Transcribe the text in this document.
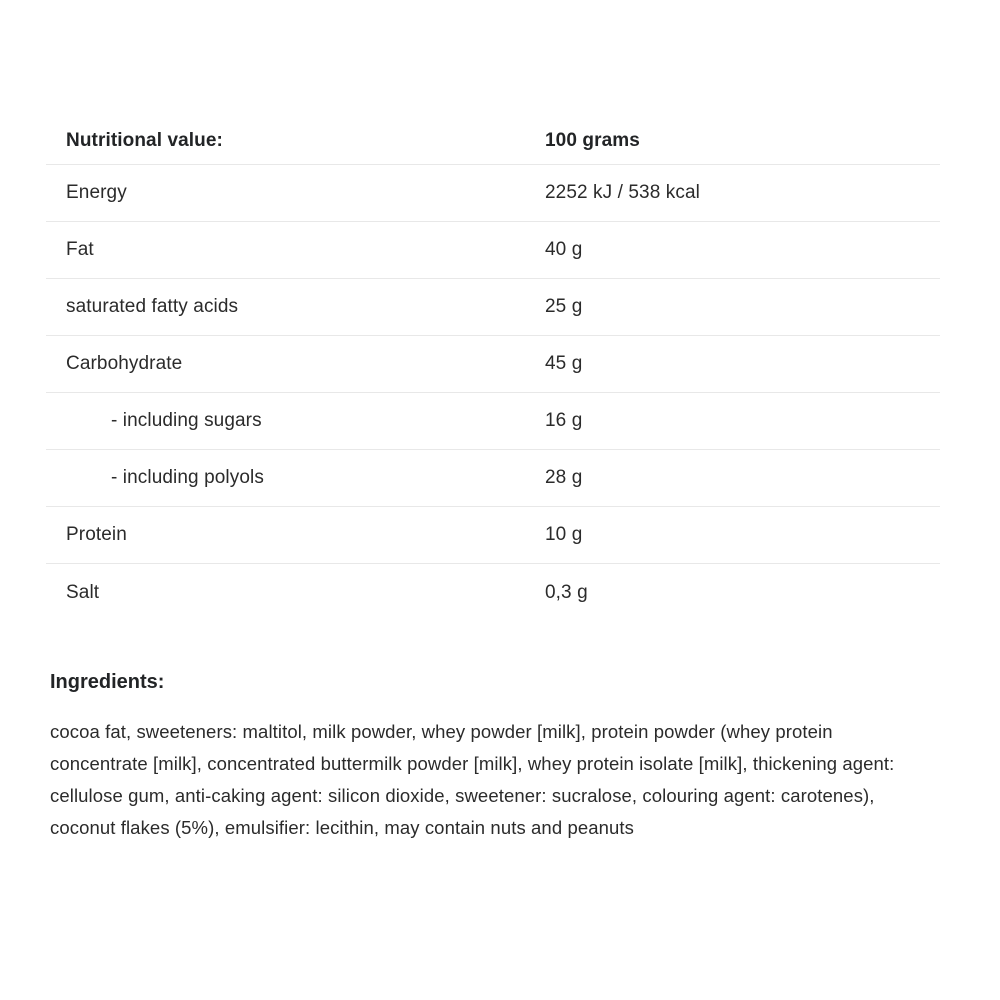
Nutritional value:	100 grams
Energy	2252 kJ / 538 kcal
Fat	40 g
saturated fatty acids	25 g
Carbohydrate	45 g
- including sugars	16 g
- including polyols	28 g
Protein	10 g
Salt	0,3 g
Ingredients:

cocoa fat, sweeteners: maltitol, milk powder, whey powder [milk], protein powder (whey protein concentrate [milk], concentrated buttermilk powder [milk], whey protein isolate [milk], thickening agent: cellulose gum, anti-caking agent: silicon dioxide, sweetener: sucralose, colouring agent: carotenes), coconut flakes (5%), emulsifier: lecithin, may contain nuts and peanuts
